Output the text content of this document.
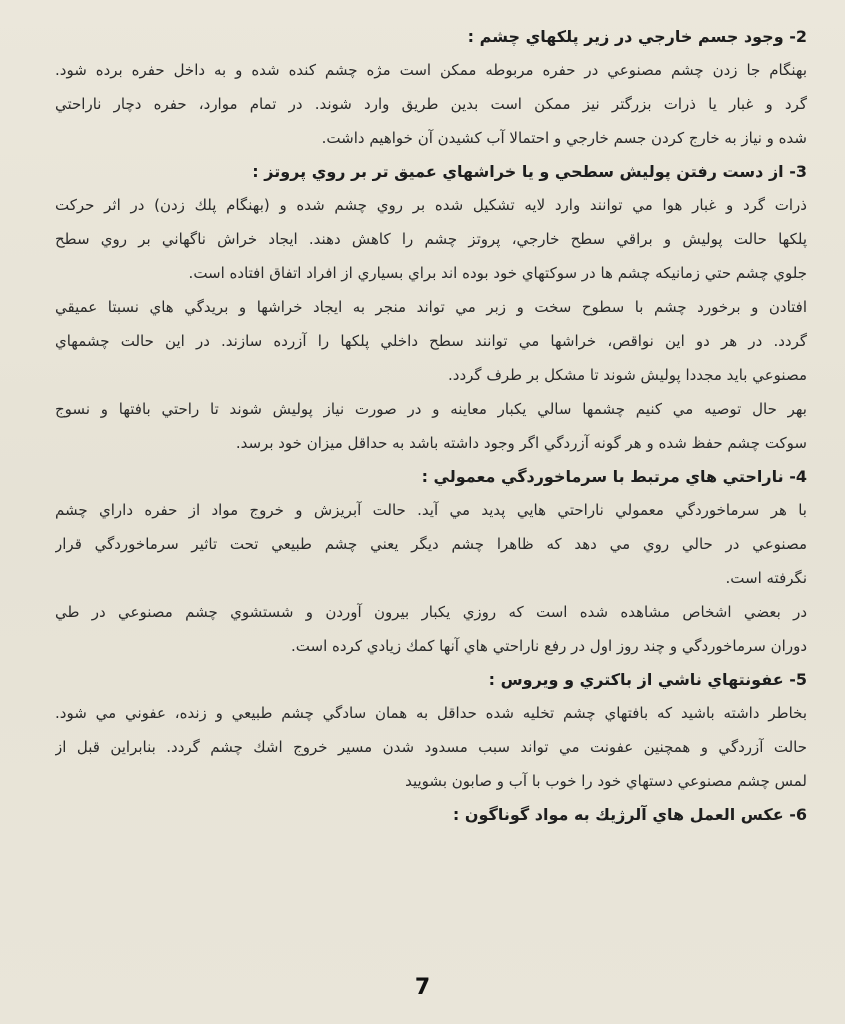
2- وجود جسم خارجي در زير پلكهاي چشم :
بهنگام جا زدن چشم مصنوعي در حفره مربوطه ممكن است مژه چشم كنده شده و به داخل حفره برده شود.
گرد و غبار يا ذرات بزرگتر نيز ممكن است بدين طريق وارد شوند. در تمام موارد، حفره دچار ناراحتي
شده و نياز به خارج كردن جسم خارجي و احتمالا آب كشيدن آن خواهيم داشت.
3- از دست رفتن پوليش سطحي و يا خراشهاي عميق تر بر روي پروتز :
ذرات گرد و غبار هوا مي توانند وارد لايه تشكيل شده بر روي چشم شده و (بهنگام پلك زدن) در اثر حركت
پلكها حالت پوليش و براقي سطح خارجي، پروتز چشم را كاهش دهند. ايجاد خراش ناگهاني بر روي سطح
جلوي چشم حتي زمانيكه چشم ها در سوكتهاي خود بوده اند براي بسياري از افراد اتفاق افتاده است.
افتادن و برخورد چشم با سطوح سخت و زبر مي تواند منجر به ايجاد خراشها و بريدگي هاي نسبتا عميقي
گردد. در هر دو اين نواقص، خراشها مي توانند سطح داخلي پلكها را آزرده سازند. در اين حالت چشمهاي
مصنوعي بايد مجددا پوليش شوند تا مشكل بر طرف گردد.
بهر حال توصيه مي كنيم چشمها سالي يكبار معاينه و در صورت نياز پوليش شوند تا راحتي بافتها و نسوج
سوكت چشم حفظ شده و هر گونه آزردگي اگر وجود داشته باشد به حداقل ميزان خود برسد.
4- ناراحتي هاي مرتبط با سرماخوردگي معمولي :
با هر سرماخوردگي معمولي ناراحتي هايي پديد مي آيد. حالت آبريزش و خروج مواد از حفره داراي چشم
مصنوعي در حالي روي مي دهد كه ظاهرا چشم ديگر يعني چشم طبيعي تحت تاثير سرماخوردگي قرار
نگرفته است.
در بعضي اشخاص مشاهده شده است كه روزي يكبار بيرون آوردن و شستشوي چشم مصنوعي در طي
دوران سرماخوردگي و چند روز اول در رفع ناراحتي هاي آنها كمك زيادي كرده است.
5- عفونتهاي ناشي از باكتري و ويروس :
بخاطر داشته باشيد كه بافتهاي چشم تخليه شده حداقل به همان سادگي چشم طبيعي و زنده، عفوني مي شود.
حالت آزردگي و همچنين عفونت مي تواند سبب مسدود شدن مسير خروج اشك چشم گردد. بنابراين قبل از
لمس چشم مصنوعي دستهاي خود را خوب با آب و صابون بشوييد
6- عكس العمل هاي آلرژيك به مواد گوناگون :
7
